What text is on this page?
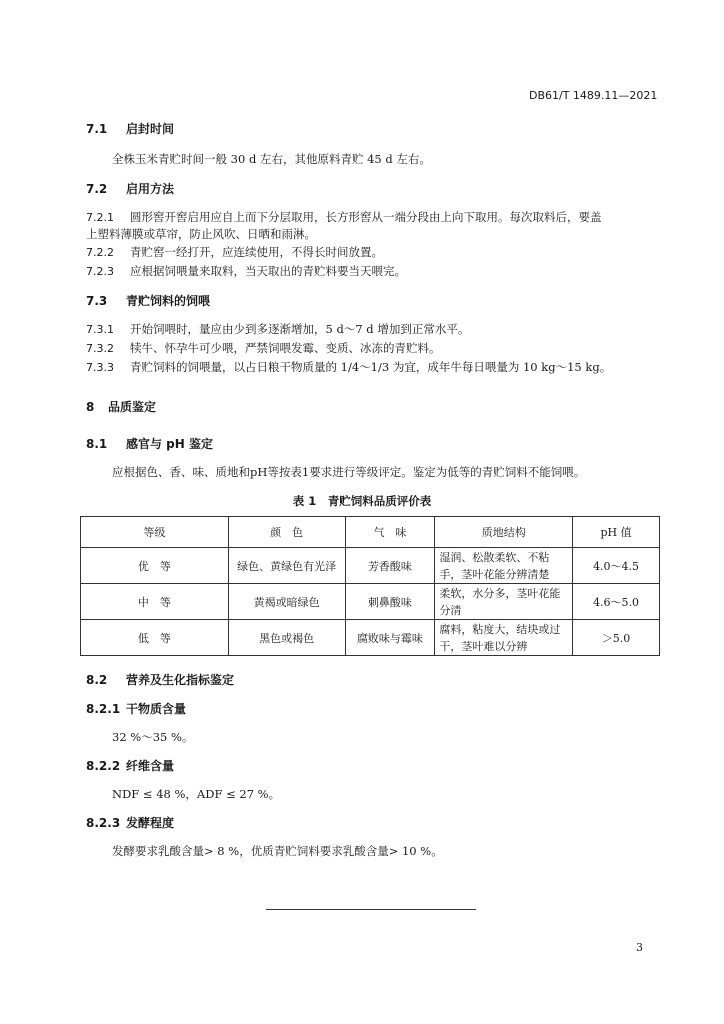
DB61/T 1489.11—2021
7.1 启封时间
全株玉米青贮时间一般 30 d 左右，其他原料青贮 45 d 左右。
7.2 启用方法
7.2.1 圆形窖开窖启用应自上而下分层取用，长方形窖从一端分段由上向下取用。每次取料后，要盖
上塑料薄膜或草帘，防止风吹、日晒和雨淋。
7.2.2 青贮窖一经打开，应连续使用，不得长时间放置。
7.2.3 应根据饲喂量来取料，当天取出的青贮料要当天喂完。
7.3 青贮饲料的饲喂
7.3.1 开始饲喂时，量应由少到多逐渐增加，5 d～7 d 增加到正常水平。
7.3.2 犊牛、怀孕牛可少喂，严禁饲喂发霉、变质、冰冻的青贮料。
7.3.3 青贮饲料的饲喂量，以占日粮干物质量的 1/4～1/3 为宜，成年牛每日喂量为 10 kg～15 kg。
8 品质鉴定
8.1 感官与 pH 鉴定
应根据色、香、味、质地和pH等按表1要求进行等级评定。鉴定为低等的青贮饲料不能饲喂。
表 1　青贮饲料品质评价表
等级	颜　色	气　味	质地结构	pH 值
优　等	绿色、黄绿色有光泽	芳香酸味	湿润、松散柔软、不粘手，茎叶花能分辨清楚	4.0～4.5
中　等	黄褐或暗绿色	刺鼻酸味	柔软，水分多，茎叶花能分清	4.6～5.0
低　等	黑色或褐色	腐败味与霉味	腐料，粘度大，结块或过干，茎叶难以分辨	＞5.0
8.2 营养及生化指标鉴定
8.2.1 干物质含量
32 %～35 %。
8.2.2 纤维含量
NDF ≤ 48 %，ADF ≤ 27 %。
8.2.3 发酵程度
发酵要求乳酸含量> 8 %，优质青贮饲料要求乳酸含量> 10 %。
3
